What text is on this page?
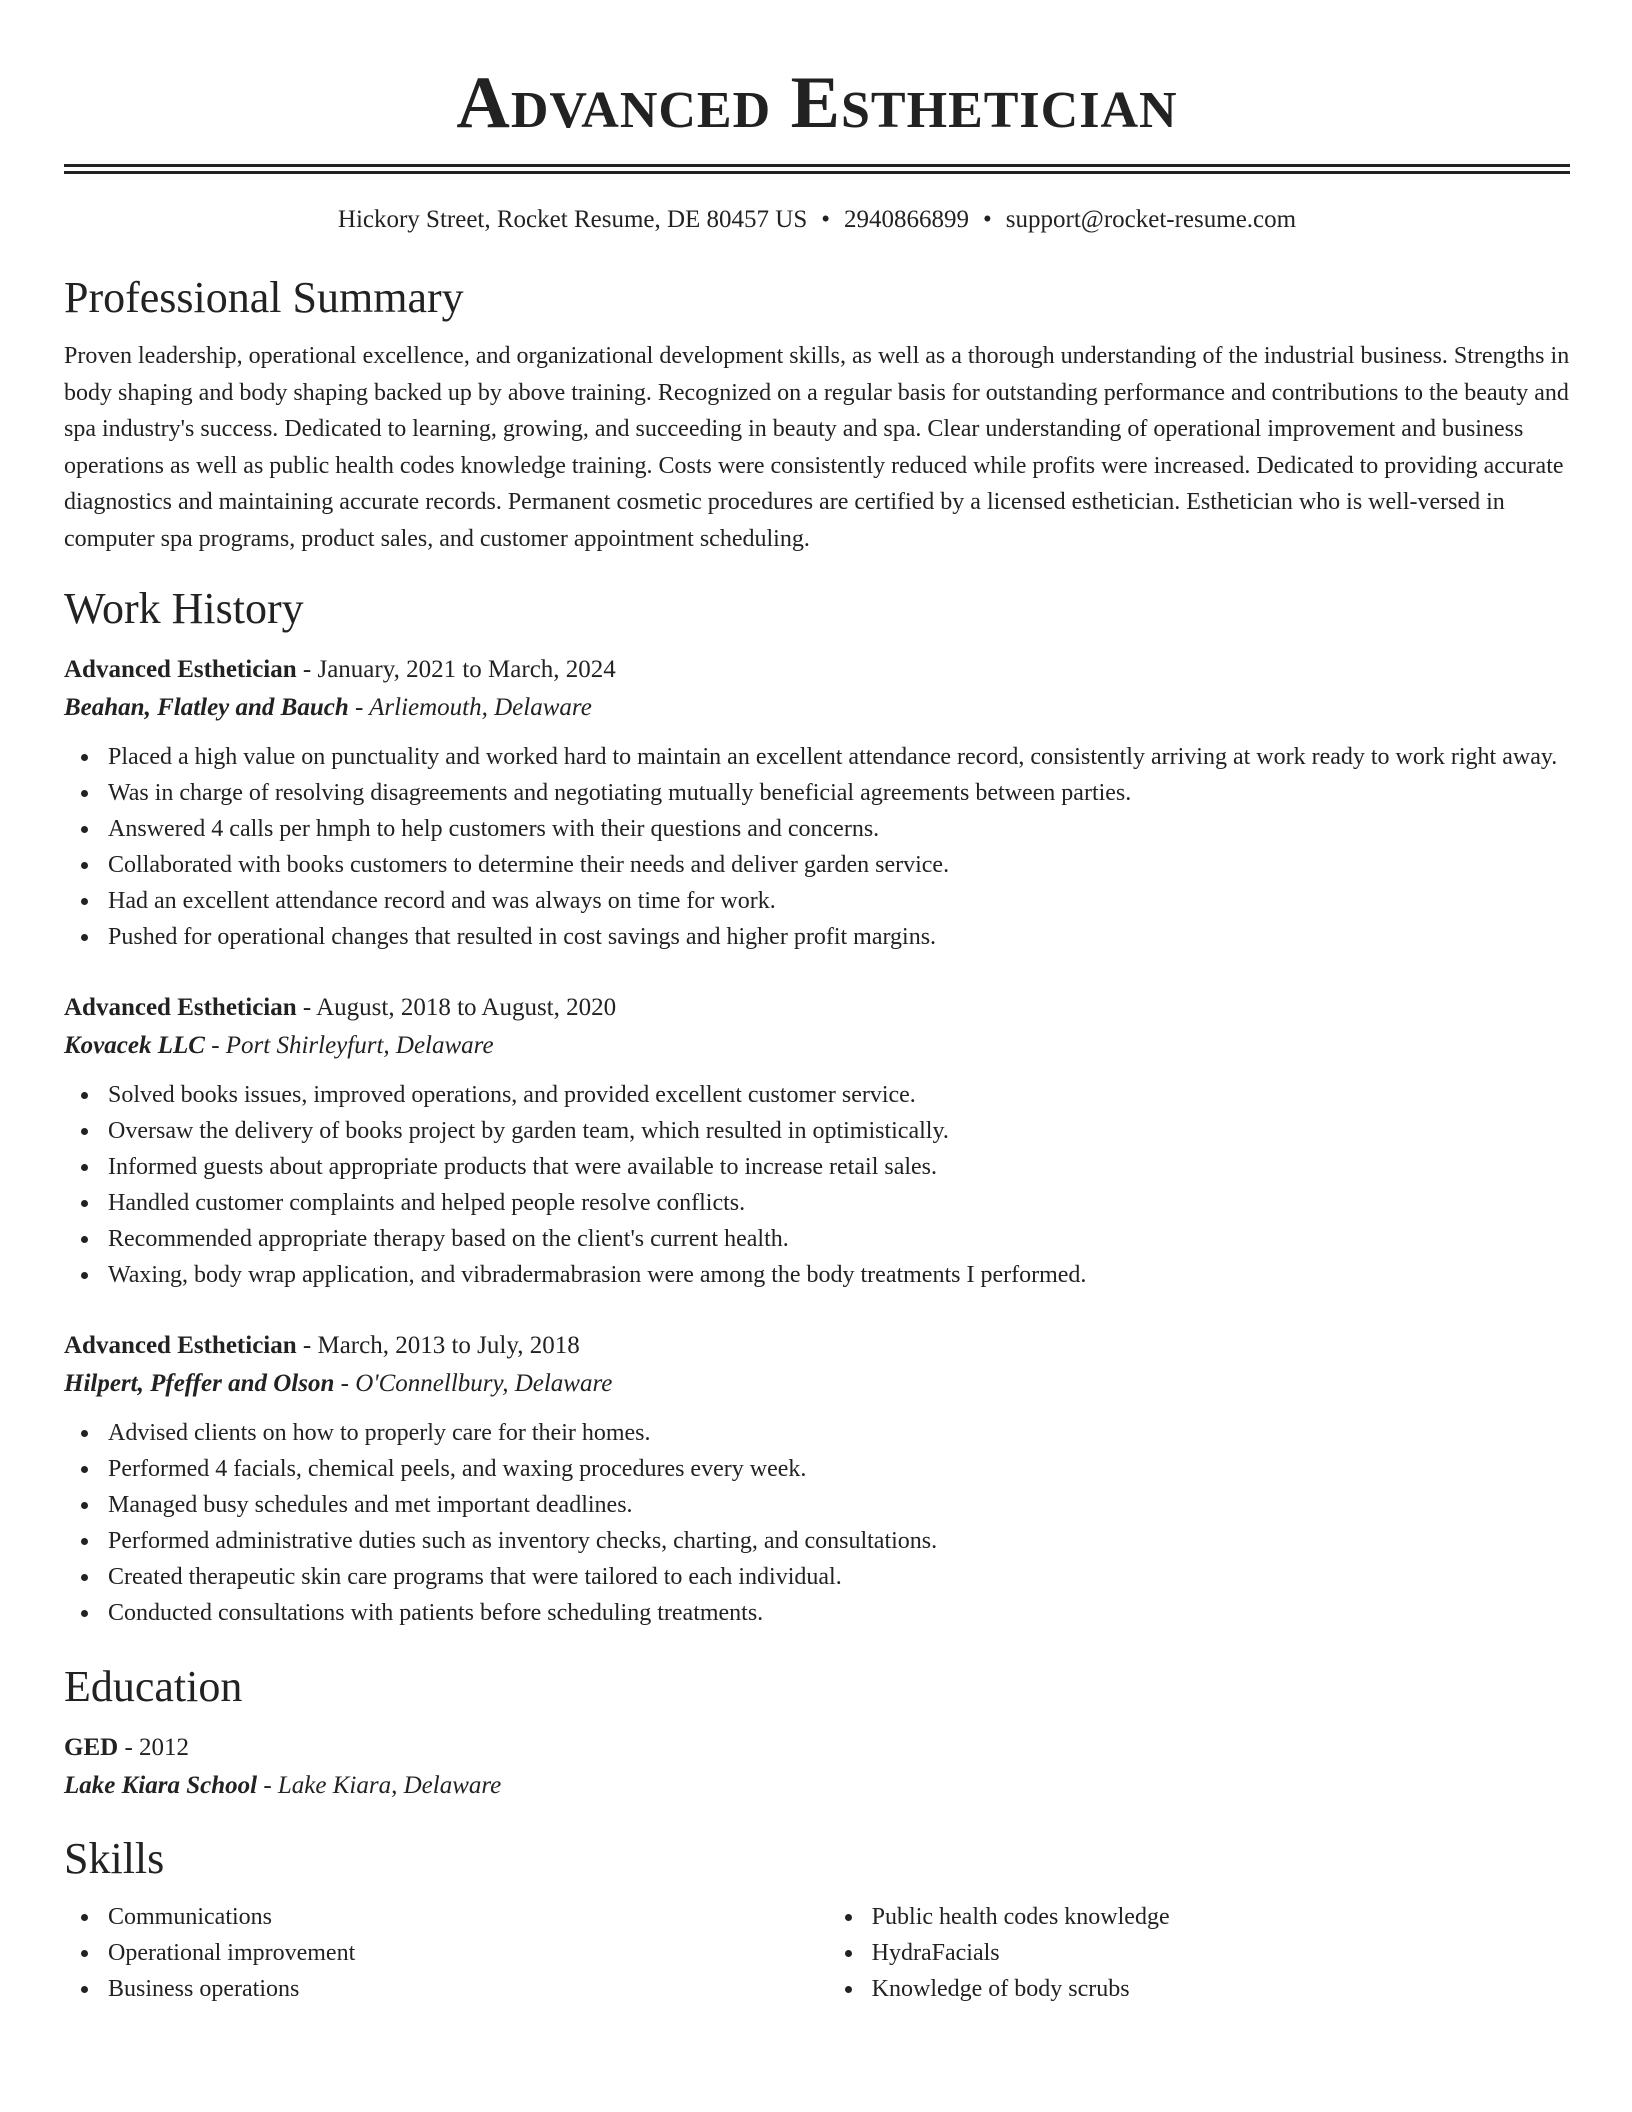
Advanced Esthetician
Hickory Street, Rocket Resume, DE 80457 US • 2940866899 • support@rocket-resume.com
Professional Summary
Proven leadership, operational excellence, and organizational development skills, as well as a thorough understanding of the industrial business. Strengths in body shaping and body shaping backed up by above training. Recognized on a regular basis for outstanding performance and contributions to the beauty and spa industry's success. Dedicated to learning, growing, and succeeding in beauty and spa. Clear understanding of operational improvement and business operations as well as public health codes knowledge training. Costs were consistently reduced while profits were increased. Dedicated to providing accurate diagnostics and maintaining accurate records. Permanent cosmetic procedures are certified by a licensed esthetician. Esthetician who is well-versed in computer spa programs, product sales, and customer appointment scheduling.
Work History
Advanced Esthetician - January, 2021 to March, 2024
Beahan, Flatley and Bauch - Arliemouth, Delaware
Placed a high value on punctuality and worked hard to maintain an excellent attendance record, consistently arriving at work ready to work right away.
Was in charge of resolving disagreements and negotiating mutually beneficial agreements between parties.
Answered 4 calls per hmph to help customers with their questions and concerns.
Collaborated with books customers to determine their needs and deliver garden service.
Had an excellent attendance record and was always on time for work.
Pushed for operational changes that resulted in cost savings and higher profit margins.
Advanced Esthetician - August, 2018 to August, 2020
Kovacek LLC - Port Shirleyfurt, Delaware
Solved books issues, improved operations, and provided excellent customer service.
Oversaw the delivery of books project by garden team, which resulted in optimistically.
Informed guests about appropriate products that were available to increase retail sales.
Handled customer complaints and helped people resolve conflicts.
Recommended appropriate therapy based on the client's current health.
Waxing, body wrap application, and vibradermabrasion were among the body treatments I performed.
Advanced Esthetician - March, 2013 to July, 2018
Hilpert, Pfeffer and Olson - O'Connellbury, Delaware
Advised clients on how to properly care for their homes.
Performed 4 facials, chemical peels, and waxing procedures every week.
Managed busy schedules and met important deadlines.
Performed administrative duties such as inventory checks, charting, and consultations.
Created therapeutic skin care programs that were tailored to each individual.
Conducted consultations with patients before scheduling treatments.
Education
GED - 2012
Lake Kiara School - Lake Kiara, Delaware
Skills
Communications
Operational improvement
Business operations
Public health codes knowledge
HydraFacials
Knowledge of body scrubs
